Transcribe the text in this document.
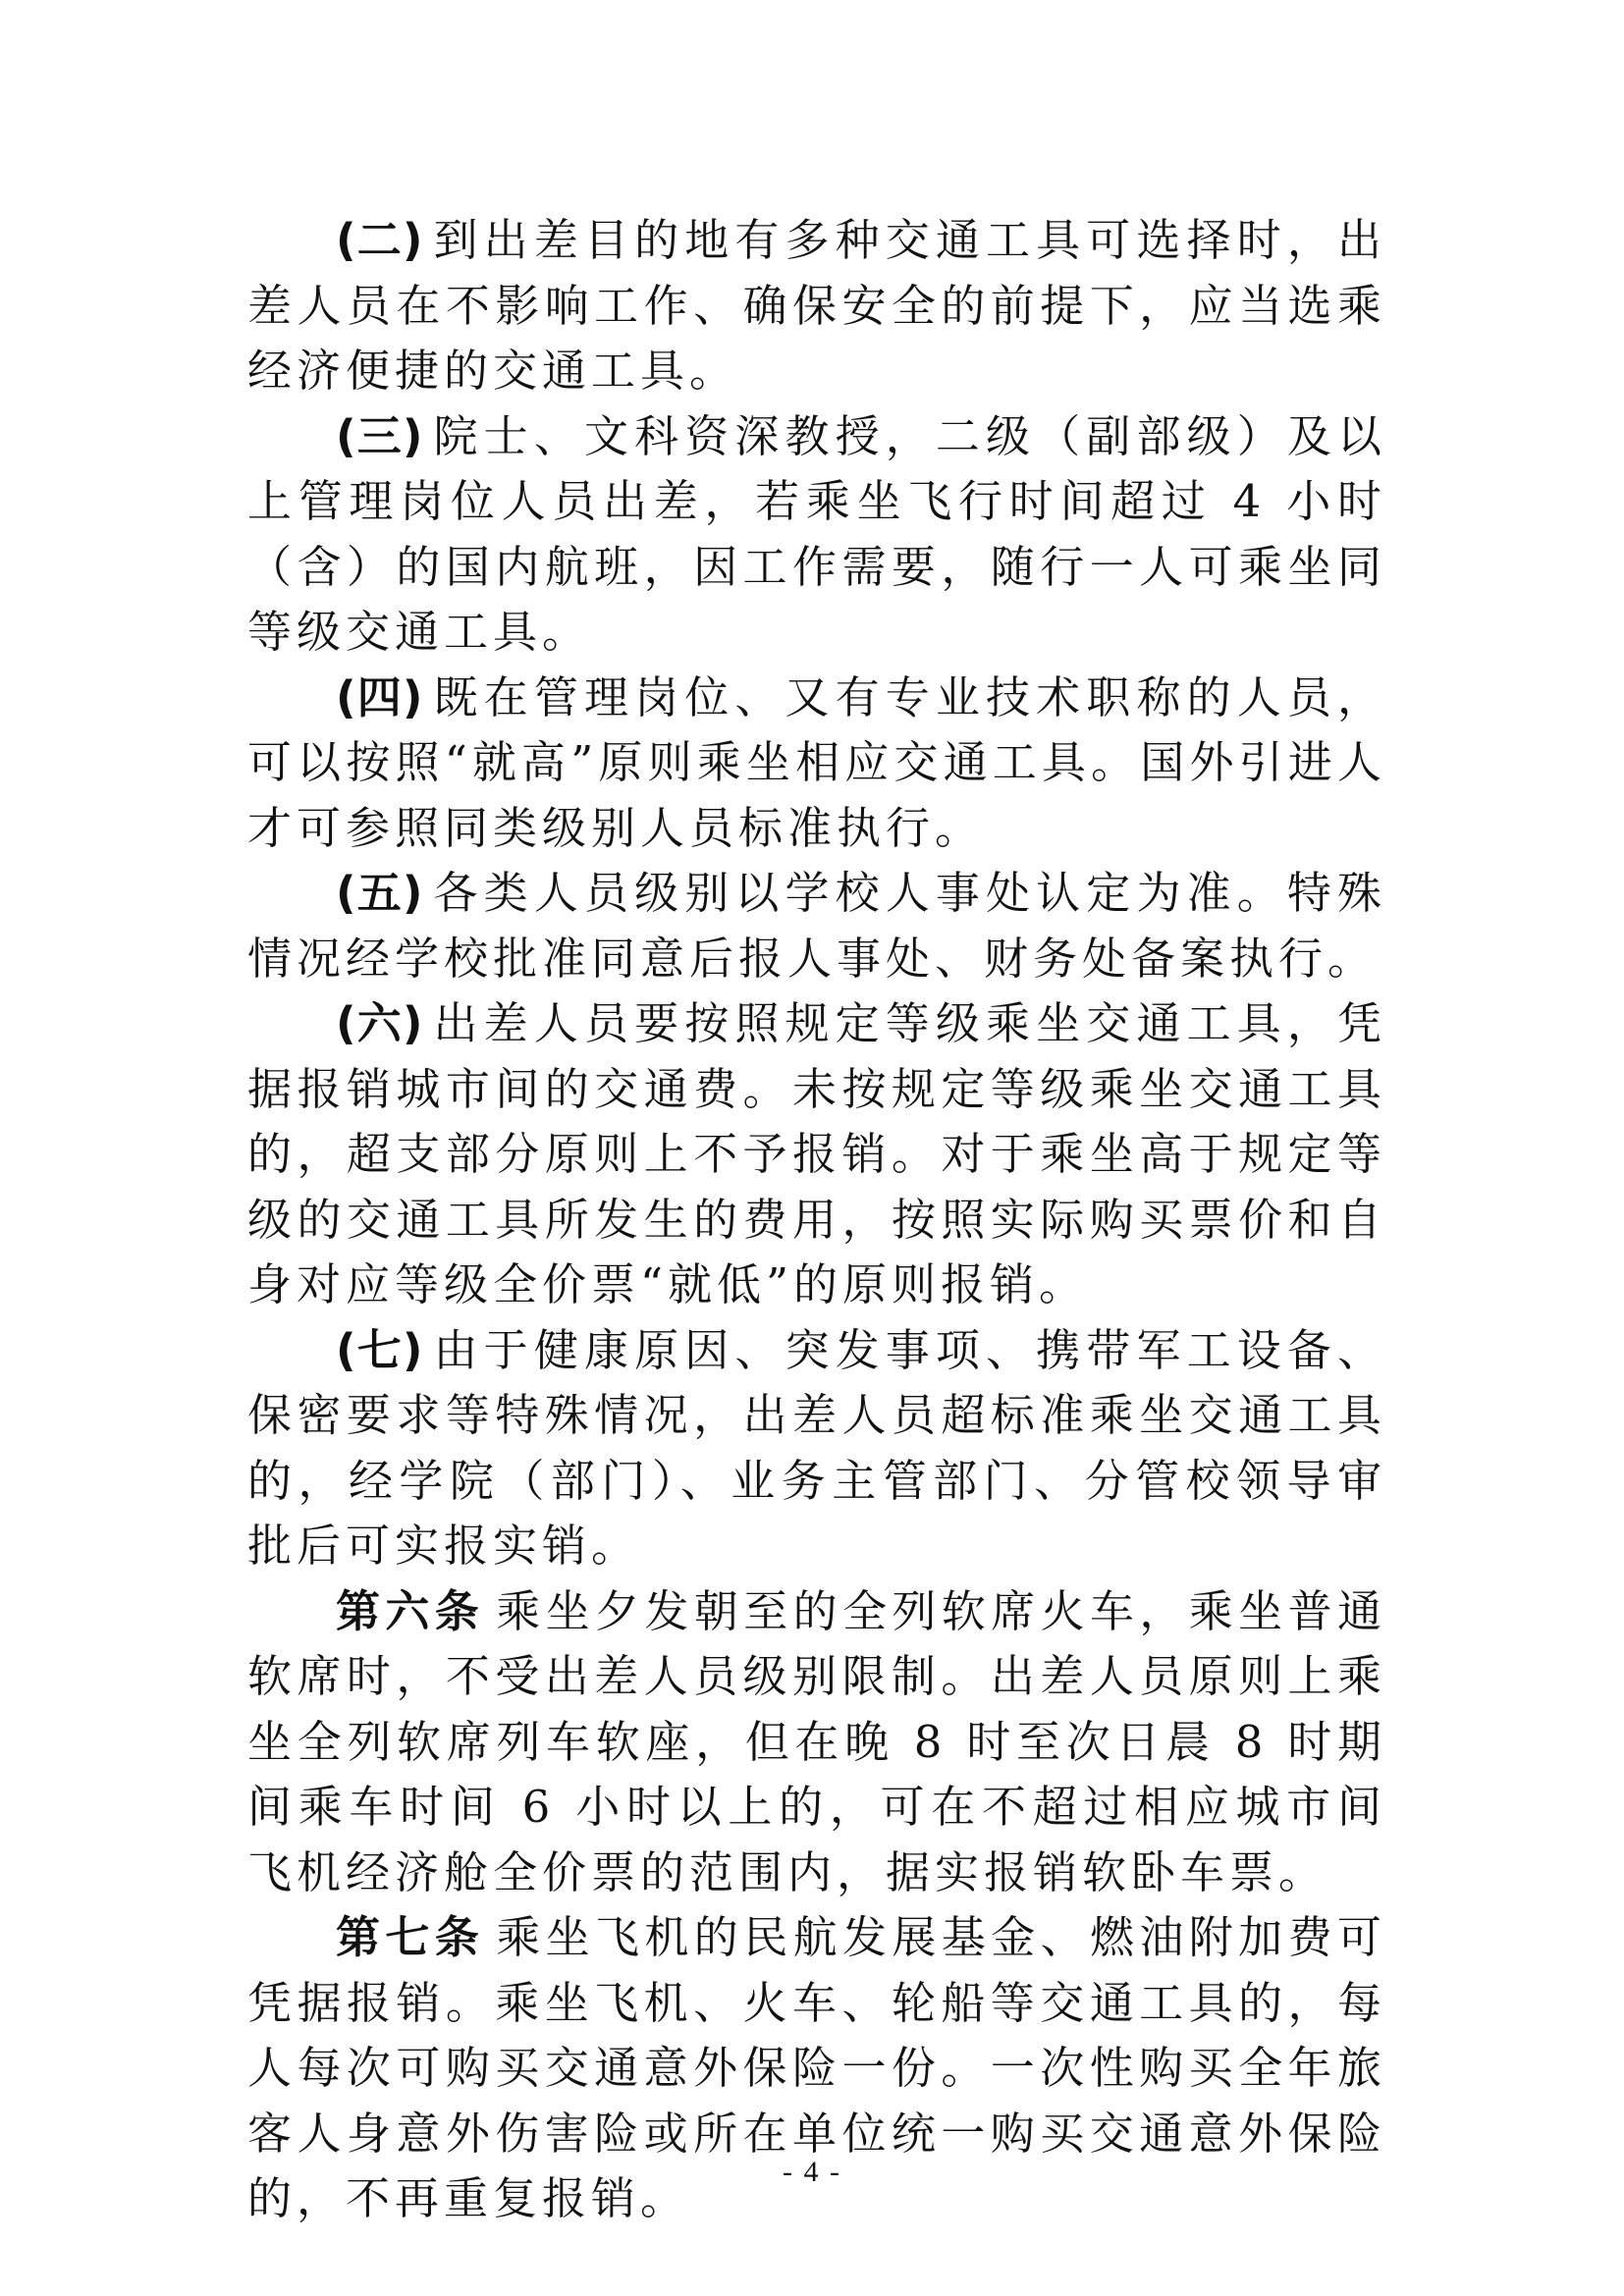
(二) 到出差目的地有多种交通工具可选择时，出差人员在不影响工作、确保安全的前提下，应当选乘经济便捷的交通工具。

(三) 院士、文科资深教授，二级（副部级）及以上管理岗位人员出差，若乘坐飞行时间超过 4 小时（含）的国内航班，因工作需要，随行一人可乘坐同等级交通工具。

(四) 既在管理岗位、又有专业技术职称的人员，可以按照“就高”原则乘坐相应交通工具。国外引进人才可参照同类级别人员标准执行。

(五) 各类人员级别以学校人事处认定为准。特殊情况经学校批准同意后报人事处、财务处备案执行。

(六) 出差人员要按照规定等级乘坐交通工具，凭据报销城市间的交通费。未按规定等级乘坐交通工具的，超支部分原则上不予报销。对于乘坐高于规定等级的交通工具所发生的费用，按照实际购买票价和自身对应等级全价票“就低”的原则报销。

(七) 由于健康原因、突发事项、携带军工设备、保密要求等特殊情况，出差人员超标准乘坐交通工具的，经学院（部门）、业务主管部门、分管校领导审批后可实报实销。

第六条 乘坐夕发朝至的全列软席火车，乘坐普通软席时，不受出差人员级别限制。出差人员原则上乘坐全列软席列车软座，但在晚 8 时至次日晨 8 时期间乘车时间 6 小时以上的，可在不超过相应城市间飞机经济舱全价票的范围内，据实报销软卧车票。

第七条 乘坐飞机的民航发展基金、燃油附加费可凭据报销。乘坐飞机、火车、轮船等交通工具的，每人每次可购买交通意外保险一份。一次性购买全年旅客人身意外伤害险或所在单位统一购买交通意外保险的，不再重复报销。

- 4 -
